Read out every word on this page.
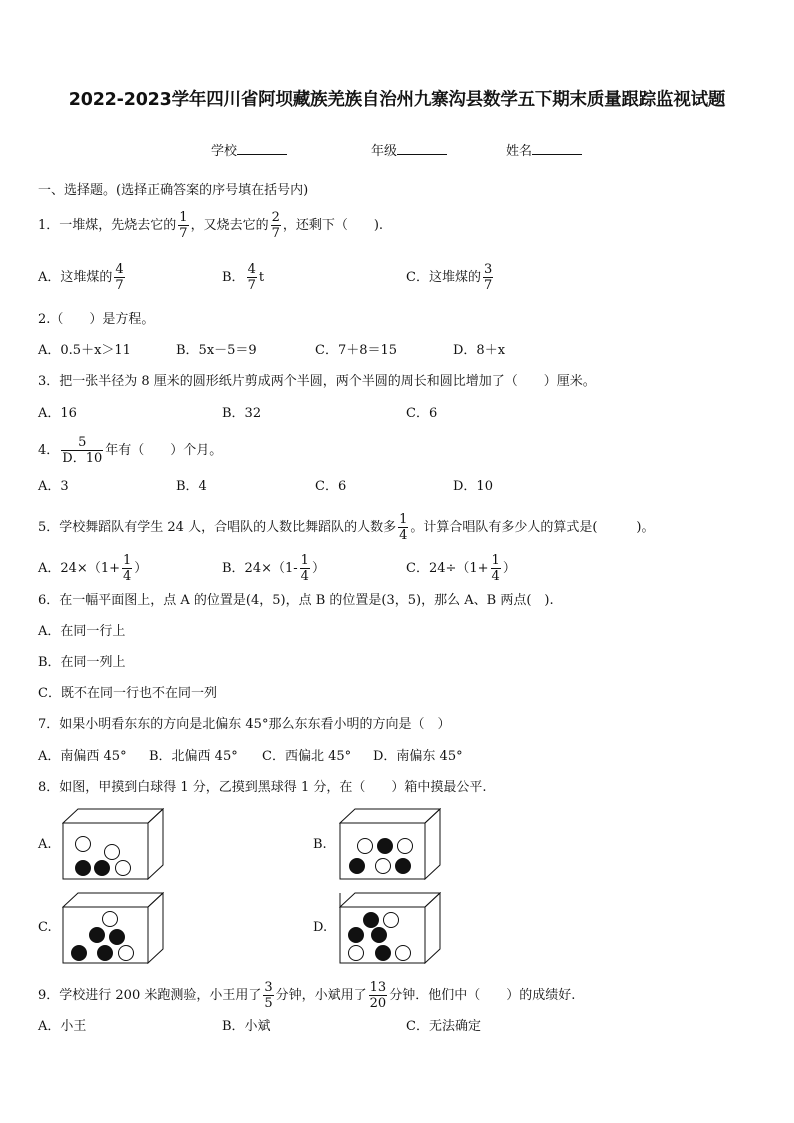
2022-2023学年四川省阿坝藏族羌族自治州九寨沟县数学五下期末质量跟踪监视试题
学校	年级	姓名
一、选择题。(选择正确答案的序号填在括号内)
1．一堆煤，先烧去它的 $\frac{1}{7}$ ，又烧去它的 $\frac{2}{7}$ ，还剩下（　　).
A．这堆煤的 $\frac{4}{7}$	B． $\frac{4}{7}$ t	C．这堆煤的 $\frac{3}{7}$
2.（　　）是方程。
A．0.5＋x＞11	B．5x－5＝9	C．7＋8＝15	D．8＋x
3．把一张半径为 8 厘米的圆形纸片剪成两个半圆，两个半圆的周长和圆比增加了（　　）厘米。
A．16	B．32	C．6
4． $\frac{5}{D.10}$ 年有（　　）个月。
A．3	B．4	C．6	D．10
5．学校舞蹈队有学生 24 人，合唱队的人数比舞蹈队的人数多 $\frac{1}{4}$ 。计算合唱队有多少人的算式是(　　　)。
A．$24\times(1+ \frac{1}{4}$ ）	B．$24\times(1- \frac{1}{4}$ ）	C．$24\div(1+ \frac{1}{4}$ ）
6．在一幅平面图上，点 A 的位置是(4，5)，点 B 的位置是(3，5)，那么 A、B 两点(　).
A．在同一行上
B．在同一列上
C．既不在同一行也不在同一列
7．如果小明看东东的方向是北偏东 45°那么东东看小明的方向是（　）
A．南偏西 45° B．北偏西 45° C．西偏北 45° D．南偏东 45°
8．如图，甲摸到白球得 1 分，乙摸到黑球得 1 分，在（　　）箱中摸最公平.
A.	B.
C.	D.
9．学校进行 200 米跑测验，小王用了 $\frac{3}{5}$ 分钟，小斌用了 $\frac{13}{20}$ 分钟．他们中（　　）的成绩好.
A．小王	B．小斌	C．无法确定
